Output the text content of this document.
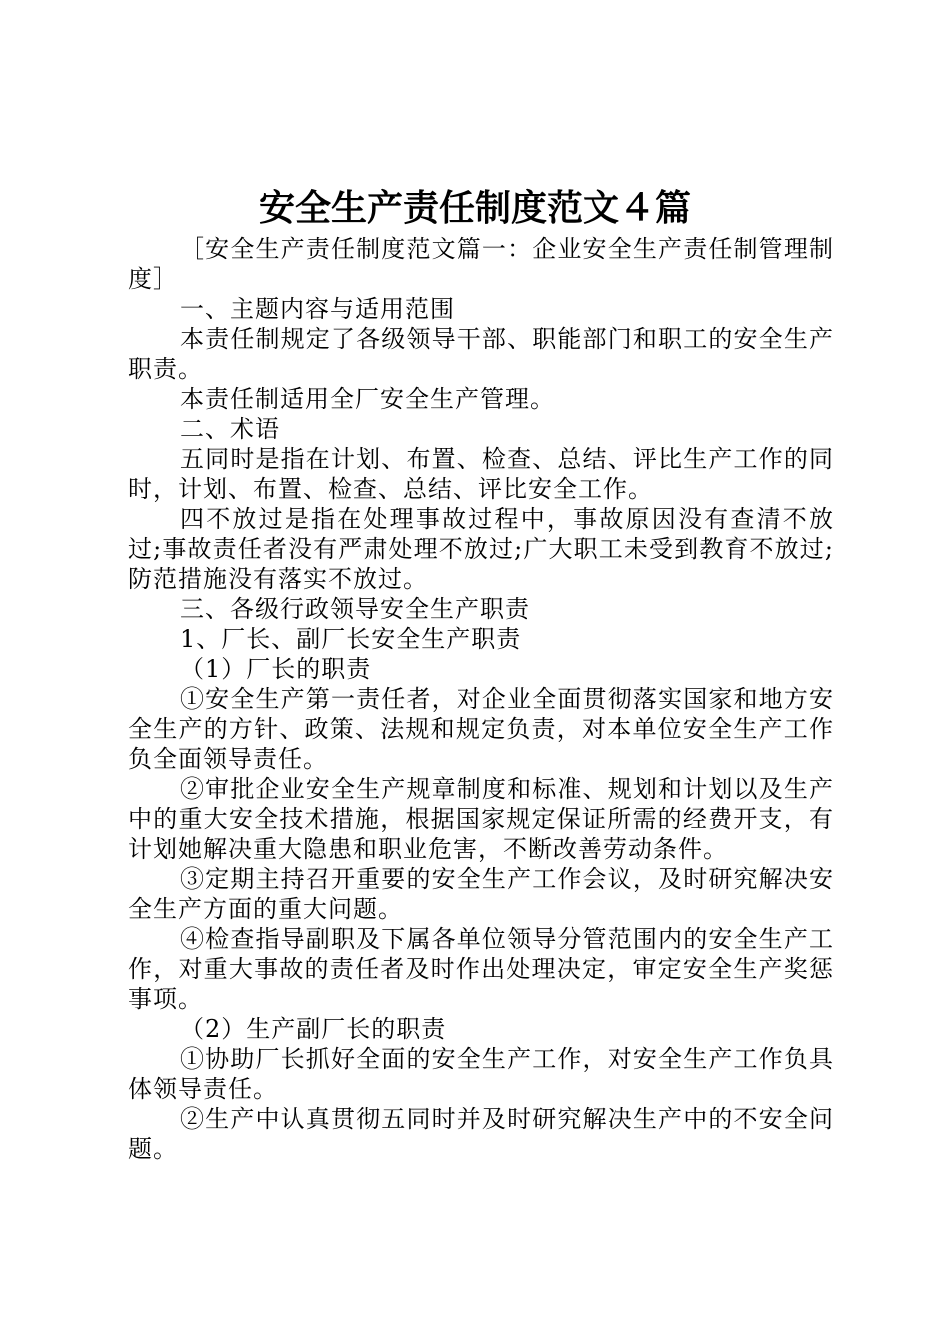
安全生产责任制度范文４篇

［安全生产责任制度范文篇一：企业安全生产责任制管理制度］

一、主题内容与适用范围

本责任制规定了各级领导干部、职能部门和职工的安全生产职责。

本责任制适用全厂安全生产管理。

二、术语

五同时是指在计划、布置、检查、总结、评比生产工作的同时，计划、布置、检查、总结、评比安全工作。

四不放过是指在处理事故过程中，事故原因没有查清不放过;事故责任者没有严肃处理不放过;广大职工未受到教育不放过;防范措施没有落实不放过。

三、各级行政领导安全生产职责

1、厂长、副厂长安全生产职责

（1）厂长的职责

①安全生产第一责任者，对企业全面贯彻落实国家和地方安全生产的方针、政策、法规和规定负责，对本单位安全生产工作负全面领导责任。

②审批企业安全生产规章制度和标准、规划和计划以及生产中的重大安全技术措施，根据国家规定保证所需的经费开支，有计划她解决重大隐患和职业危害，不断改善劳动条件。

③定期主持召开重要的安全生产工作会议，及时研究解决安全生产方面的重大问题。

④检查指导副职及下属各单位领导分管范围内的安全生产工作，对重大事故的责任者及时作出处理决定，审定安全生产奖惩事项。

（2）生产副厂长的职责

①协助厂长抓好全面的安全生产工作，对安全生产工作负具体领导责任。

②生产中认真贯彻五同时并及时研究解决生产中的不安全问题。
